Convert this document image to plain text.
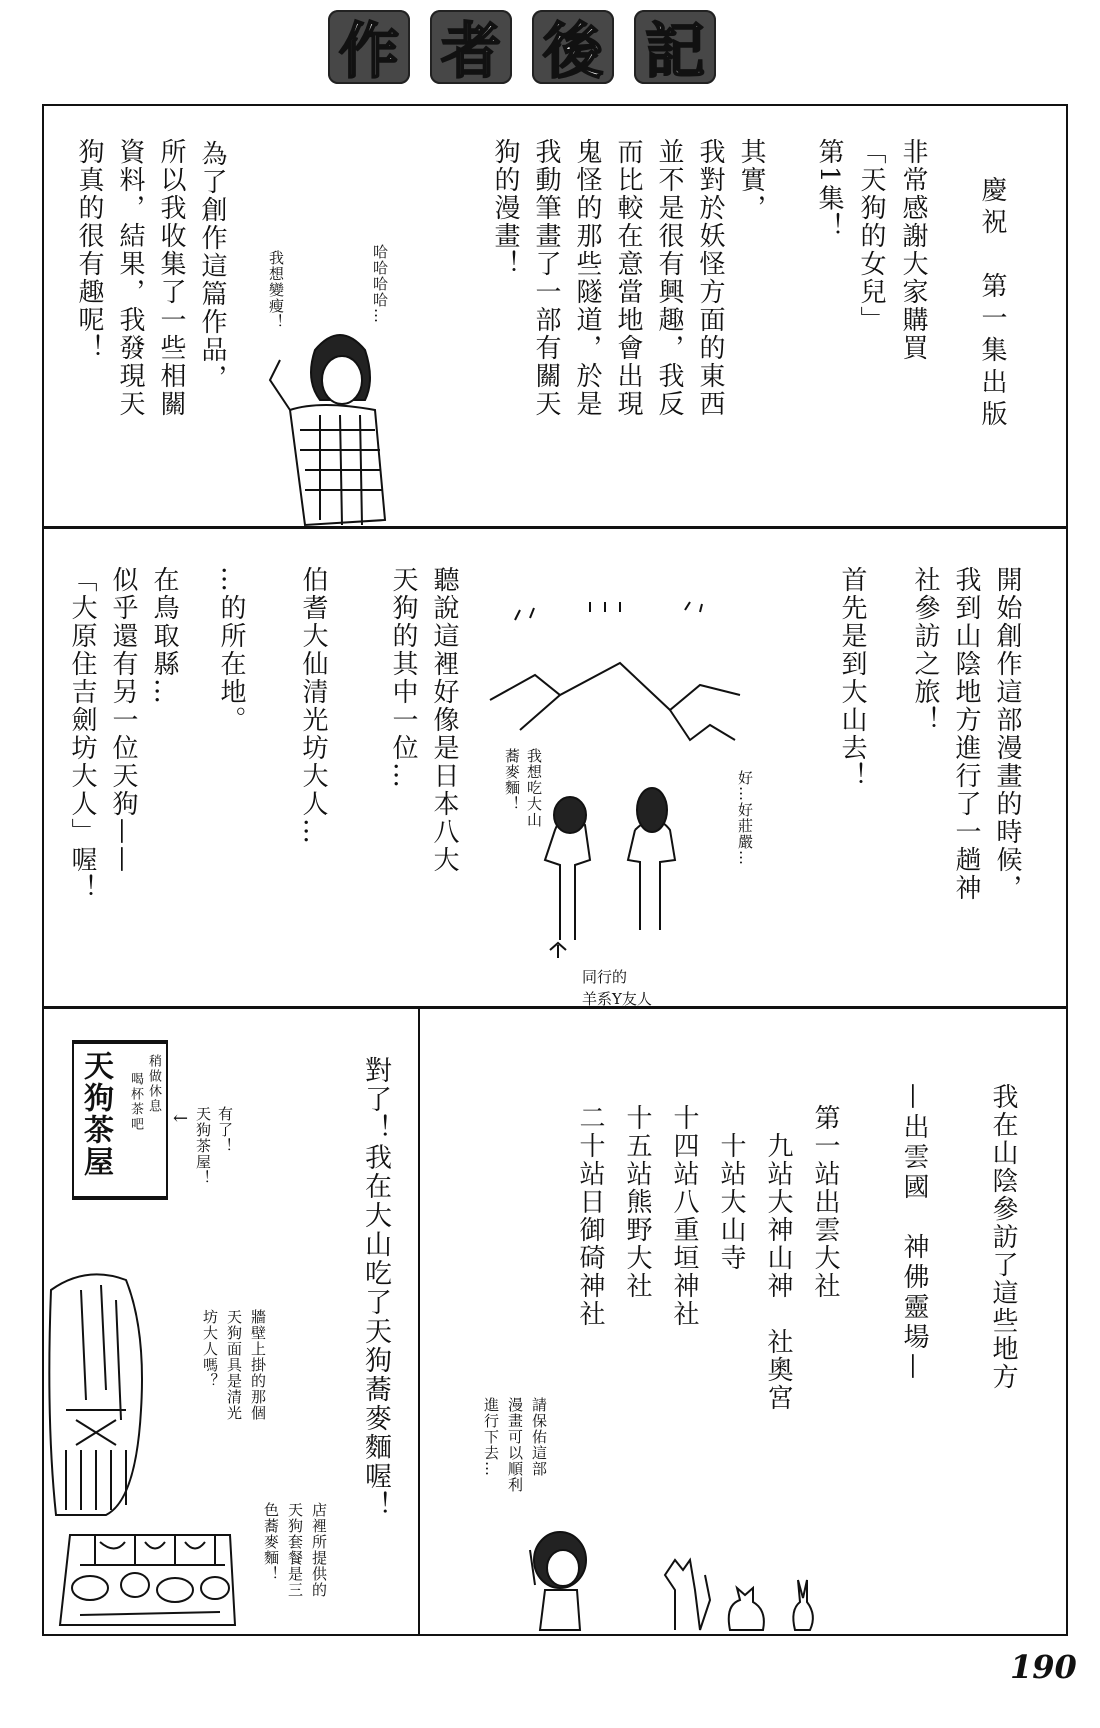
作 者 後 記
慶祝　第一集出版
非常感謝大家購買
「天狗的女兒」
第1集！
其實，
我對於妖怪方面的東西
並不是很有興趣，我反
而比較在意當地會出現
鬼怪的那些隧道，於是
我動筆畫了一部有關天
狗的漫畫！
為了創作這篇作品，
所以我收集了一些相關
資料，結果，我發現天
狗真的很有趣呢！	哈哈哈哈…
我想變瘦！
開始創作這部漫畫的時候，
我到山陰地方進行了一趟神
社參訪之旅！
首先是到大山去！
聽說這裡好像是日本八大
天狗的其中一位…
伯耆大仙清光坊大人…
…的所在地。
在鳥取縣…
似乎還有另一位天狗——
「大原住吉劍坊大人」喔！	我想吃大山
蕎麥麵！	好…好莊嚴…
同行的
羊系Y友人
我在山陰參訪了這些地方
—出雲國　神佛靈場—
第一站出雲大社
九站大神山神　社奧宮
十站大山寺
十四站八重垣神社
十五站熊野大社
二十站日御碕神社
請保佑這部
漫畫可以順利
進行下去…
對了！我在大山吃了天狗蕎麥麵喔！
稍做休息
喝杯茶吧
天狗茶屋	← 有了！
天狗茶屋！
牆壁上掛的那個
天狗面具是清光
坊大人嗎？
店裡所提供的
天狗套餐是三
色蕎麥麵！
190
